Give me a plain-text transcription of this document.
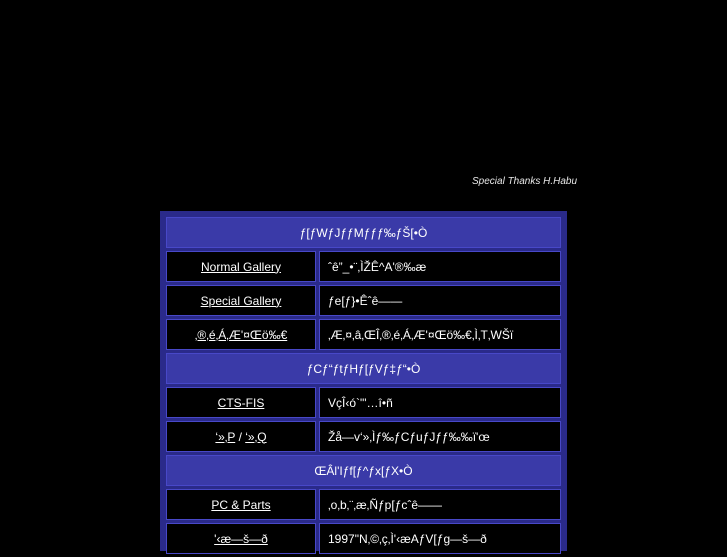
Special Thanks H.Habu
ƒ[ƒWƒJƒƒMƒƒƒ‰ƒŠ[•Ò	
Normal Gallery	ˆê”_•¨‚ÌŽÊ^A'®‰æ
Special Gallery	ƒe[ƒ}•Êˆê——
‚®‚é‚Á‚Æ'¤Œö‰€	‚Æ‚¤‚â‚ŒÎ‚®‚é‚Á‚Æ'¤Œö‰€‚Ì‚T‚WŠï
ƒCƒ“ƒtƒHƒ[ƒVƒ‡ƒ“•Ò	
CTS-FIS	VçÎ‹ó`"'…î•ñ
‘»‚P / ‘»‚Q	Žå—v‘»‚Ìƒ‰ƒCƒuƒJƒƒ‰‰ï'œ
ŒÂl'Iƒf[ƒ^ƒx[ƒX•Ò	
PC & Parts	‚o‚b‚¨‚æ‚Ñƒp[ƒcˆê——
'‹æ—š—ð	1997"N‚©‚ç‚Ì'‹æAƒV[ƒg—š—ð
